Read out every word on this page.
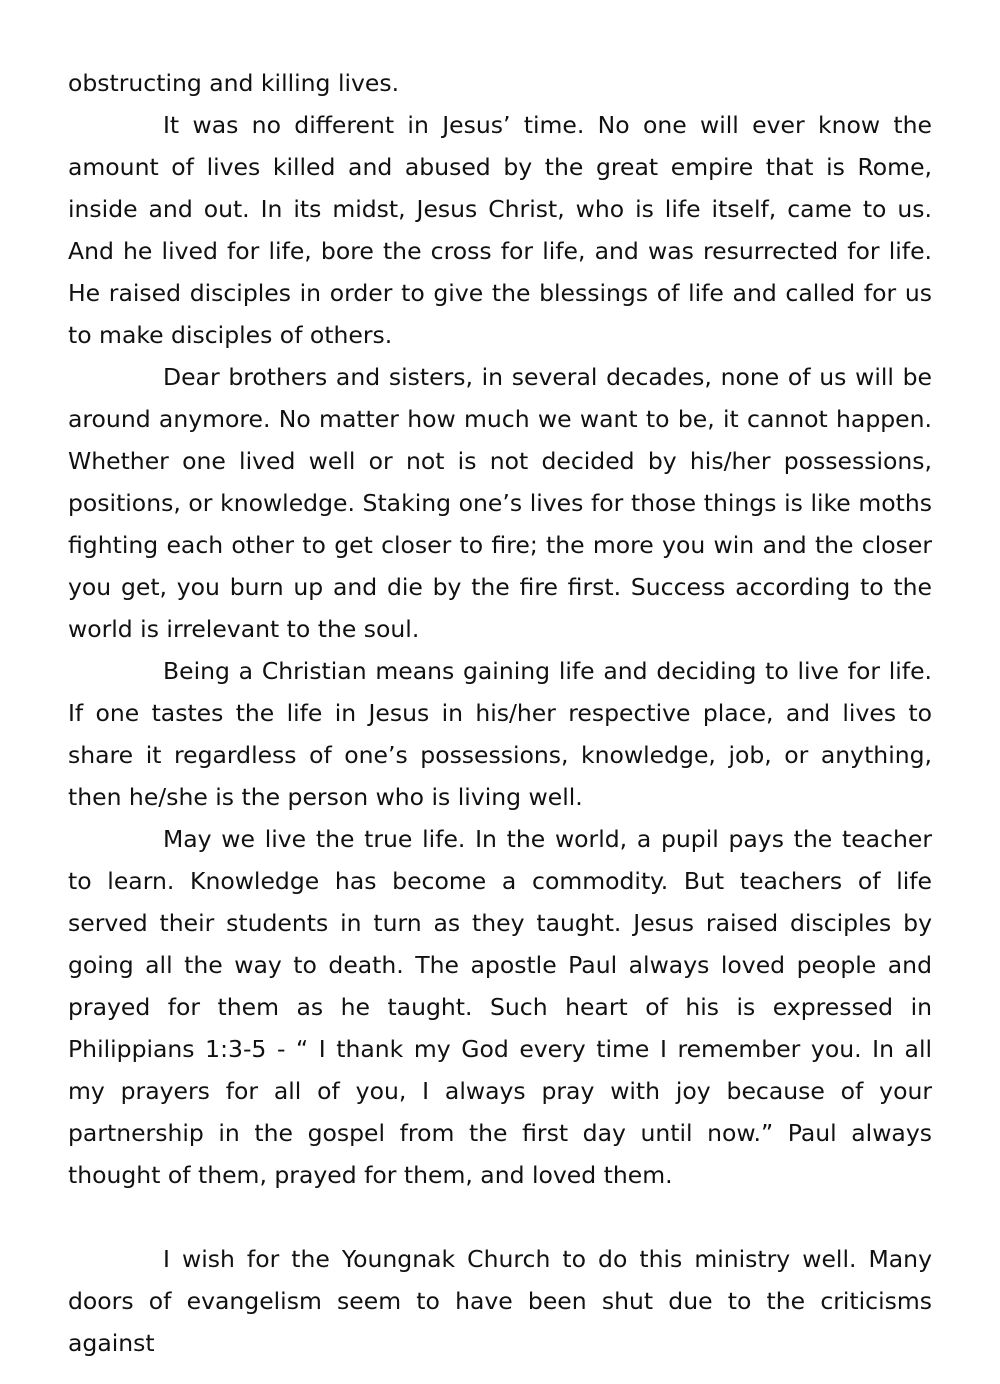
obstructing and killing lives.

It was no different in Jesus’ time. No one will ever know the amount of lives killed and abused by the great empire that is Rome, inside and out. In its midst, Jesus Christ, who is life itself, came to us. And he lived for life, bore the cross for life, and was resurrected for life. He raised disciples in order to give the blessings of life and called for us to make disciples of others.

Dear brothers and sisters, in several decades, none of us will be around anymore. No matter how much we want to be, it cannot happen. Whether one lived well or not is not decided by his/her possessions, positions, or knowledge. Staking one’s lives for those things is like moths fighting each other to get closer to fire; the more you win and the closer you get, you burn up and die by the fire first. Success according to the world is irrelevant to the soul.

Being a Christian means gaining life and deciding to live for life. If one tastes the life in Jesus in his/her respective place, and lives to share it regardless of one’s possessions, knowledge, job, or anything, then he/she is the person who is living well.

May we live the true life. In the world, a pupil pays the teacher to learn. Knowledge has become a commodity. But teachers of life served their students in turn as they taught. Jesus raised disciples by going all the way to death. The apostle Paul always loved people and prayed for them as he taught. Such heart of his is expressed in Philippians 1:3-5 - “ I thank my God every time I remember you. In all my prayers for all of you, I always pray with joy because of your partnership in the gospel from the first day until now.” Paul always thought of them, prayed for them, and loved them.

I wish for the Youngnak Church to do this ministry well. Many doors of evangelism seem to have been shut due to the criticisms against
